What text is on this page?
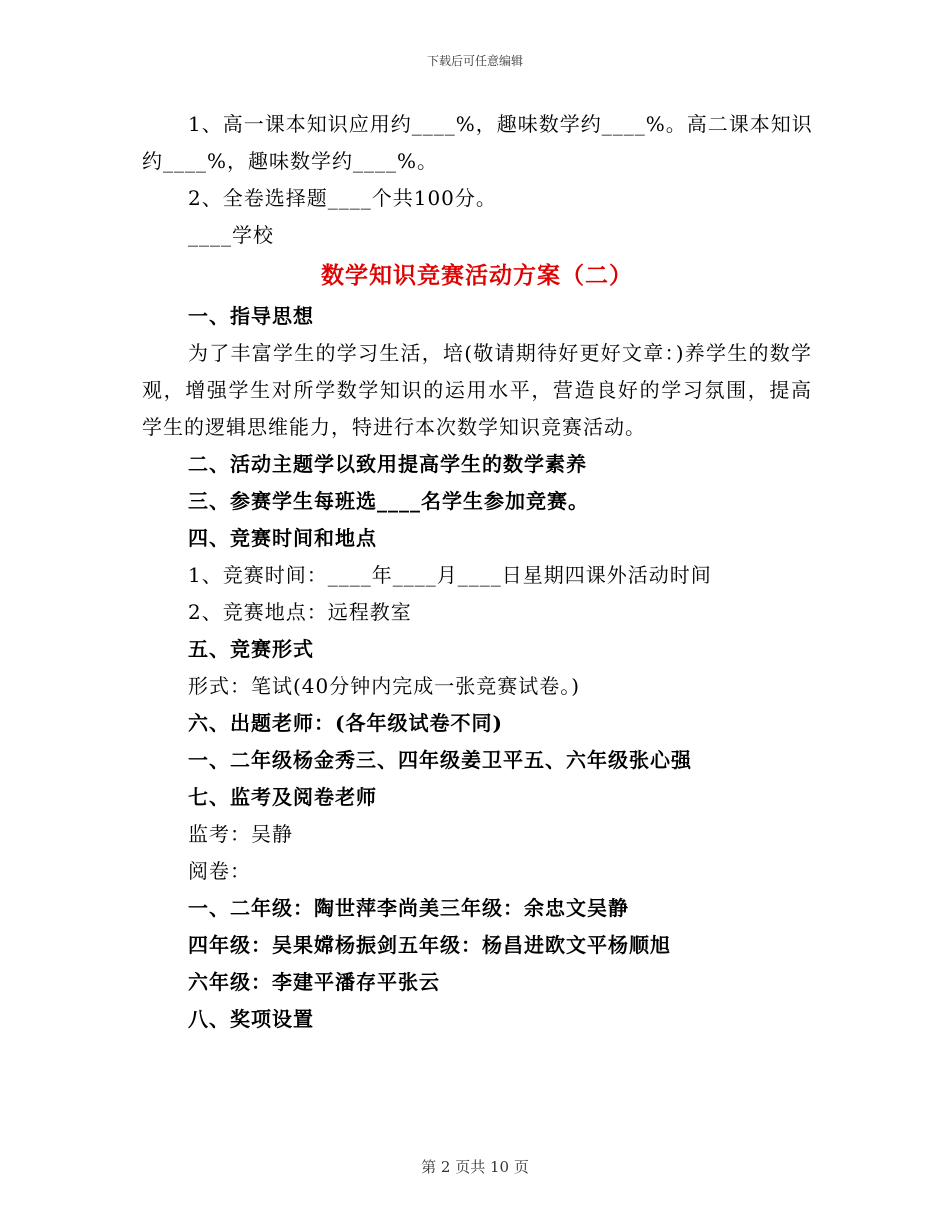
下载后可任意编辑
1、高一课本知识应用约____%，趣味数学约____%。高二课本知识
约____%，趣味数学约____%。
2、全卷选择题____个共100分。
____学校
数学知识竞赛活动方案（二）
一、指导思想
为了丰富学生的学习生活，培(敬请期待好更好文章：)养学生的数学观，增强学生对所学数学知识的运用水平，营造良好的学习氛围，提高学生的逻辑思维能力，特进行本次数学知识竞赛活动。
二、活动主题学以致用提高学生的数学素养
三、参赛学生每班选____名学生参加竞赛。
四、竞赛时间和地点
1、竞赛时间：____年____月____日星期四课外活动时间
2、竞赛地点：远程教室
五、竞赛形式
形式：笔试(40分钟内完成一张竞赛试卷。)
六、出题老师：(各年级试卷不同)
一、二年级杨金秀三、四年级姜卫平五、六年级张心强
七、监考及阅卷老师
监考：吴静
阅卷：
一、二年级：陶世萍李尚美三年级：余忠文吴静
四年级：吴果嫦杨振剑五年级：杨昌进欧文平杨顺旭
六年级：李建平潘存平张云
八、奖项设置
第 2 页共 10 页
